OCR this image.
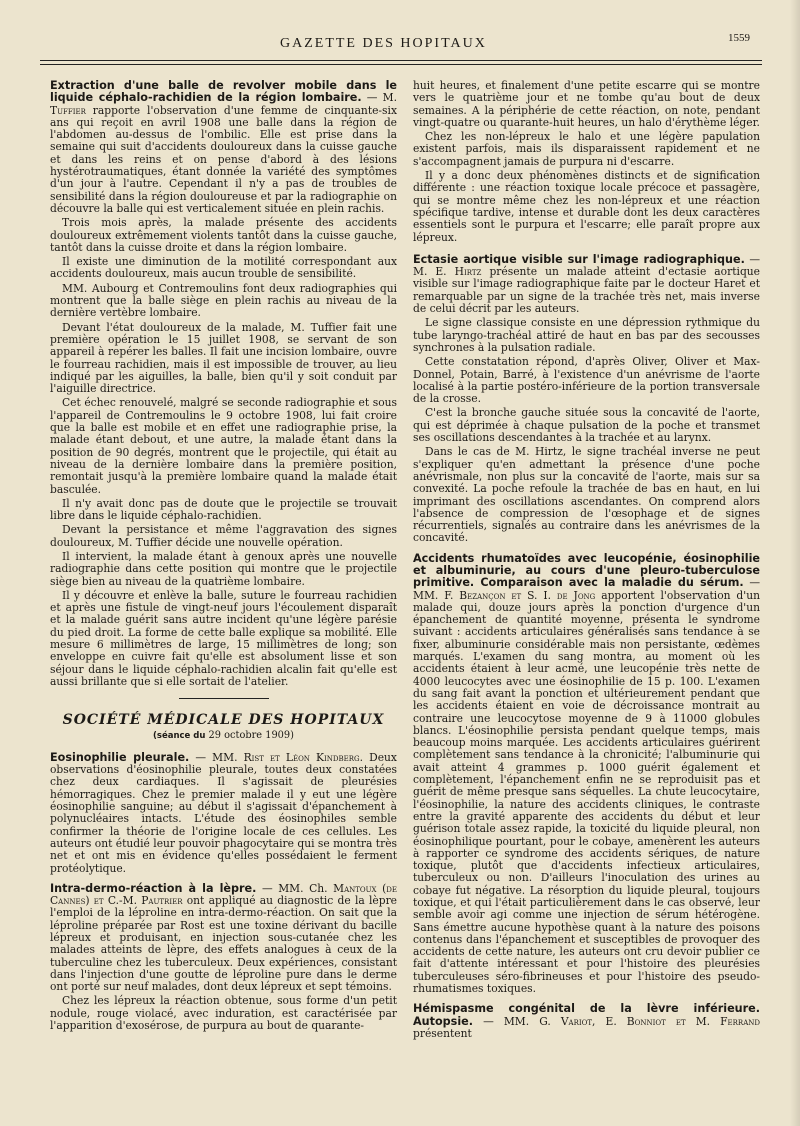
GAZETTE DES HOPITAUX	1559

Extraction d'une balle de revolver mobile dans le liquide céphalo-rachidien de la région lombaire. — M. Tuffier rapporte l'observation d'une femme de cinquante-six ans qui reçoit en avril 1908 une balle dans la région de l'abdomen au-dessus de l'ombilic. Elle est prise dans la semaine qui suit d'accidents douloureux dans la cuisse gauche et dans les reins et on pense d'abord à des lésions hystérotraumatiques, étant donnée la variété des symptômes d'un jour à l'autre. Cependant il n'y a pas de troubles de sensibilité dans la région douloureuse et par la radiographie on découvre la balle qui est verticalement située en plein rachis.

Trois mois après, la malade présente des accidents douloureux extrêmement violents tantôt dans la cuisse gauche, tantôt dans la cuisse droite et dans la région lombaire.

Il existe une diminution de la motilité correspondant aux accidents douloureux, mais aucun trouble de sensibilité.

MM. Aubourg et Contremoulins font deux radiographies qui montrent que la balle siège en plein rachis au niveau de la dernière vertèbre lombaire.

Devant l'état douloureux de la malade, M. Tuffier fait une première opération le 15 juillet 1908, se servant de son appareil à repérer les balles. Il fait une incision lombaire, ouvre le fourreau rachidien, mais il est impossible de trouver, au lieu indiqué par les aiguilles, la balle, bien qu'il y soit conduit par l'aiguille directrice.

Cet échec renouvelé, malgré se seconde radiographie et sous l'appareil de Contremoulins le 9 octobre 1908, lui fait croire que la balle est mobile et en effet une radiographie prise, la malade étant debout, et une autre, la malade étant dans la position de 90 degrés, montrent que le projectile, qui était au niveau de la dernière lombaire dans la première position, remontait jusqu'à la première lombaire quand la malade était basculée.

Il n'y avait donc pas de doute que le projectile se trouvait libre dans le liquide céphalo-rachidien.

Devant la persistance et même l'aggravation des signes douloureux, M. Tuffier décide une nouvelle opération.

Il intervient, la malade étant à genoux après une nouvelle radiographie dans cette position qui montre que le projectile siège bien au niveau de la quatrième lombaire.

Il y découvre et enlève la balle, suture le fourreau rachidien et après une fistule de vingt-neuf jours l'écoulement disparaît et la malade guérit sans autre incident qu'une légère parésie du pied droit. La forme de cette balle explique sa mobilité. Elle mesure 6 millimètres de large, 15 millimètres de long; son enveloppe en cuivre fait qu'elle est absolument lisse et son séjour dans le liquide céphalo-rachidien alcalin fait qu'elle est aussi brillante que si elle sortait de l'atelier.

SOCIÉTÉ MÉDICALE DES HOPITAUX
(séance du 29 octobre 1909)

Eosinophilie pleurale. — MM. Rist et Léon Kindberg. Deux observations d'éosinophilie pleurale, toutes deux constatées chez deux cardiaques. Il s'agissait de pleurésies hémorragiques. Chez le premier malade il y eut une légère éosinophilie sanguine; au début il s'agissait d'épanchement à polynucléaires intacts. L'étude des éosinophiles semble confirmer la théorie de l'origine locale de ces cellules. Les auteurs ont étudié leur pouvoir phagocytaire qui se montra très net et ont mis en évidence qu'elles possédaient le ferment protéolytique.

Intra-dermo-réaction à la lèpre. — MM. Ch. Mantoux (de Cannes) et C.-M. Pautrier ont appliqué au diagnostic de la lèpre l'emploi de la léproline en intra-dermo-réaction. On sait que la léproline préparée par Rost est une toxine dérivant du bacille lépreux et produisant, en injection sous-cutanée chez les malades atteints de lèpre, des effets analogues à ceux de la tuberculine chez les tuberculeux. Deux expériences, consistant dans l'injection d'une goutte de léproline pure dans le derme ont porté sur neuf malades, dont deux lépreux et sept témoins.

Chez les lépreux la réaction obtenue, sous forme d'un petit nodule, rouge violacé, avec induration, est caractérisée par l'apparition d'exosérose, de purpura au bout de quarante-

huit heures, et finalement d'une petite escarre qui se montre vers le quatrième jour et ne tombe qu'au bout de deux semaines. A la périphérie de cette réaction, on note, pendant vingt-quatre ou quarante-huit heures, un halo d'érythème léger.

Chez les non-lépreux le halo et une légère papulation existent parfois, mais ils disparaissent rapidement et ne s'accompagnent jamais de purpura ni d'escarre.

Il y a donc deux phénomènes distincts et de signification différente : une réaction toxique locale précoce et passagère, qui se montre même chez les non-lépreux et une réaction spécifique tardive, intense et durable dont les deux caractères essentiels sont le purpura et l'escarre; elle paraît propre aux lépreux.

Ectasie aortique visible sur l'image radiographique. — M. E. Hirtz présente un malade atteint d'ectasie aortique visible sur l'image radiographique faite par le docteur Haret et remarquable par un signe de la trachée très net, mais inverse de celui décrit par les auteurs.

Le signe classique consiste en une dépression rythmique du tube laryngo-trachéal attiré de haut en bas par des secousses synchrones à la pulsation radiale.

Cette constatation répond, d'après Oliver, Oliver et Max-Donnel, Potain, Barré, à l'existence d'un anévrisme de l'aorte localisé à la partie postéro-inférieure de la portion transversale de la crosse.

C'est la bronche gauche située sous la concavité de l'aorte, qui est déprimée à chaque pulsation de la poche et transmet ses oscillations descendantes à la trachée et au larynx.

Dans le cas de M. Hirtz, le signe trachéal inverse ne peut s'expliquer qu'en admettant la présence d'une poche anévrismale, non plus sur la concavité de l'aorte, mais sur sa convexité. La poche refoule la trachée de bas en haut, en lui imprimant des oscillations ascendantes. On comprend alors l'absence de compression de l'œsophage et de signes récurrentiels, signalés au contraire dans les anévrismes de la concavité.

Accidents rhumatoïdes avec leucopénie, éosinophilie et albuminurie, au cours d'une pleuro-tuberculose primitive. Comparaison avec la maladie du sérum. — MM. F. Bezançon et S. I. de Jong apportent l'observation d'un malade qui, douze jours après la ponction d'urgence d'un épanchement de quantité moyenne, présenta le syndrome suivant : accidents articulaires généralisés sans tendance à se fixer, albuminurie considérable mais non persistante, œdèmes marqués. L'examen du sang montra, au moment où les accidents étaient à leur acmé, une leucopénie très nette de 4000 leucocytes avec une éosinophilie de 15 p. 100. L'examen du sang fait avant la ponction et ultérieurement pendant que les accidents étaient en voie de décroissance montrait au contraire une leucocytose moyenne de 9 à 11000 globules blancs. L'éosinophilie persista pendant quelque temps, mais beaucoup moins marquée. Les accidents articulaires guérirent complètement sans tendance à la chronicité; l'albuminurie qui avait atteint 4 grammes p. 1000 guérit également et complètement, l'épanchement enfin ne se reproduisit pas et guérit de même presque sans séquelles. La chute leucocytaire, l'éosinophilie, la nature des accidents cliniques, le contraste entre la gravité apparente des accidents du début et leur guérison totale assez rapide, la toxicité du liquide pleural, non éosinophilique pourtant, pour le cobaye, amenèrent les auteurs à rapporter ce syndrome des accidents sériques, de nature toxique, plutôt que d'accidents infectieux articulaires, tuberculeux ou non. D'ailleurs l'inoculation des urines au cobaye fut négative. La résorption du liquide pleural, toujours toxique, et qui l'était particulièrement dans le cas observé, leur semble avoir agi comme une injection de sérum hétérogène. Sans émettre aucune hypothèse quant à la nature des poisons contenus dans l'épanchement et susceptibles de provoquer des accidents de cette nature, les auteurs ont cru devoir publier ce fait d'attente intéressant et pour l'histoire des pleurésies tuberculeuses séro-fibrineuses et pour l'histoire des pseudo-rhumatismes toxiques.

Hémispasme congénital de la lèvre inférieure. Autopsie. — MM. G. Variot, E. Bonniot et M. Ferrand présentent
